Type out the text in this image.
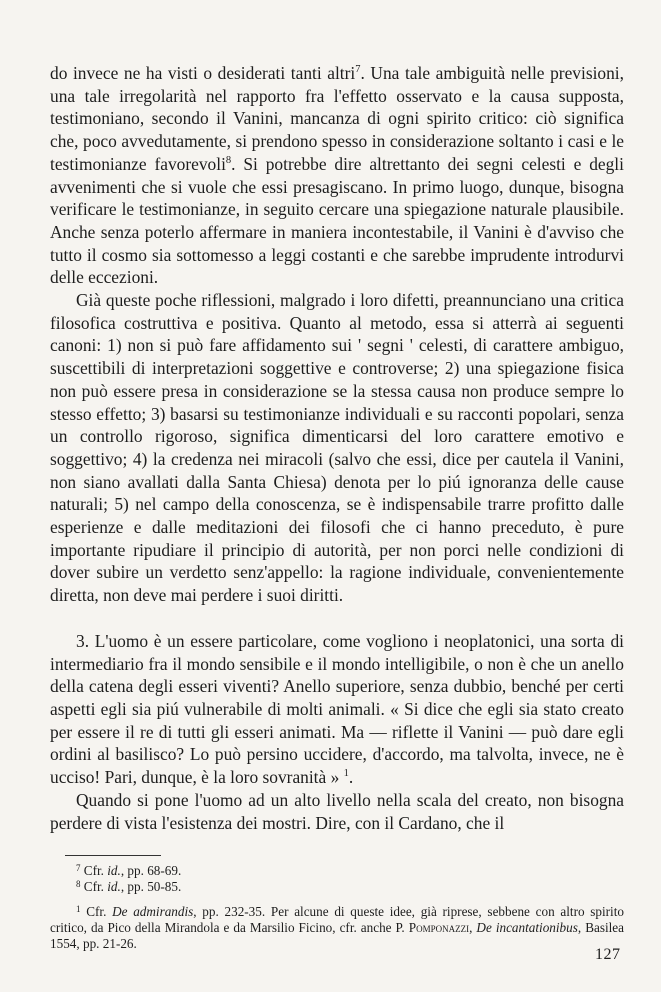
do invece ne ha visti o desiderati tanti altri$^7$. Una tale ambiguità nelle previsioni, una tale irregolarità nel rapporto fra l'effetto osservato e la causa supposta, testimoniano, secondo il Vanini, mancanza di ogni spirito critico: ciò significa che, poco avvedutamente, si prendono spesso in considerazione soltanto i casi e le testimonianze favorevoli$^8$. Si potrebbe dire altrettanto dei segni celesti e degli avvenimenti che si vuole che essi presagiscano. In primo luogo, dunque, bisogna verificare le testimonianze, in seguito cercare una spiegazione naturale plausibile. Anche senza poterlo affermare in maniera incontestabile, il Vanini è d'avviso che tutto il cosmo sia sottomesso a leggi costanti e che sarebbe imprudente introdurvi delle eccezioni.

Già queste poche riflessioni, malgrado i loro difetti, preannunciano una critica filosofica costruttiva e positiva. Quanto al metodo, essa si atterrà ai seguenti canoni: 1) non si può fare affidamento sui ' segni ' celesti, di carattere ambiguo, suscettibili di interpretazioni soggettive e controverse; 2) una spiegazione fisica non può essere presa in considerazione se la stessa causa non produce sempre lo stesso effetto; 3) basarsi su testimonianze individuali e su racconti popolari, senza un controllo rigoroso, significa dimenticarsi del loro carattere emotivo e soggettivo; 4) la credenza nei miracoli (salvo che essi, dice per cautela il Vanini, non siano avallati dalla Santa Chiesa) denota per lo piú ignoranza delle cause naturali; 5) nel campo della conoscenza, se è indispensabile trarre profitto dalle esperienze e dalle meditazioni dei filosofi che ci hanno preceduto, è pure importante ripudiare il principio di autorità, per non porci nelle condizioni di dover subire un verdetto senz'appello: la ragione individuale, convenientemente diretta, non deve mai perdere i suoi diritti.

3. L'uomo è un essere particolare, come vogliono i neoplatonici, una sorta di intermediario fra il mondo sensibile e il mondo intelligibile, o non è che un anello della catena degli esseri viventi? Anello superiore, senza dubbio, benché per certi aspetti egli sia piú vulnerabile di molti animali. « Si dice che egli sia stato creato per essere il re di tutti gli esseri animati. Ma — riflette il Vanini — può dare egli ordini al basilisco? Lo può persino uccidere, d'accordo, ma talvolta, invece, ne è ucciso! Pari, dunque, è la loro sovranità » $^1$.

Quando si pone l'uomo ad un alto livello nella scala del creato, non bisogna perdere di vista l'esistenza dei mostri. Dire, con il Cardano, che il

$^7$ Cfr. id., pp. 68-69.
$^8$ Cfr. id., pp. 50-85.
$^1$ Cfr. De admirandis, pp. 232-35. Per alcune di queste idee, già riprese, sebbene con altro spirito critico, da Pico della Mirandola e da Marsilio Ficino, cfr. anche P. Pomponazzi, De incantationibus, Basilea 1554, pp. 21-26.
127
